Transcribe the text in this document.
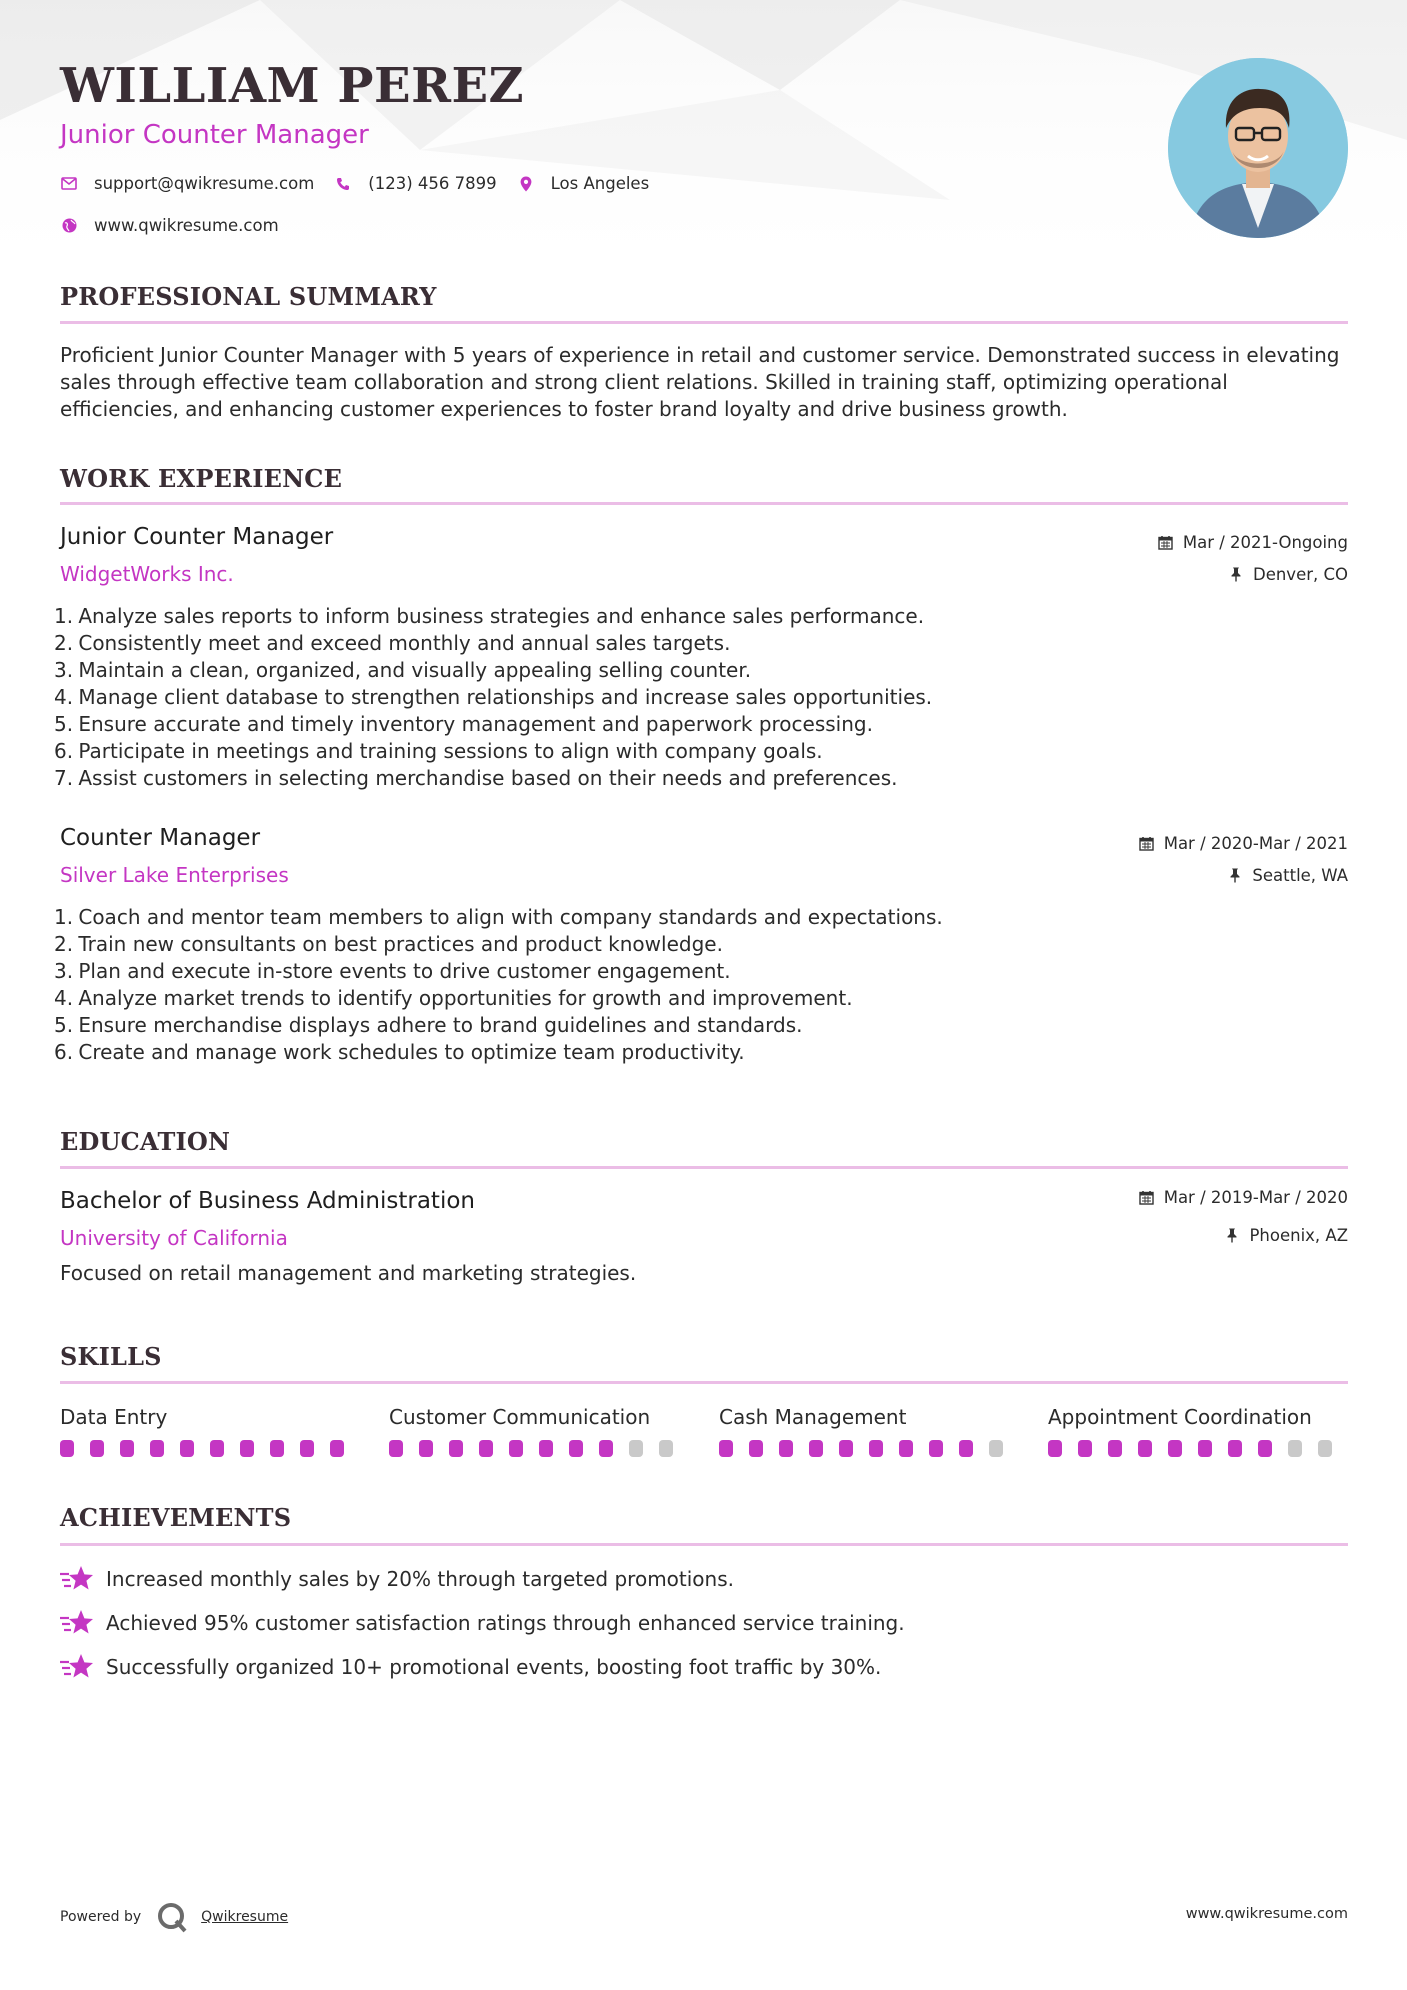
WILLIAM PEREZ
Junior Counter Manager
support@qwikresume.com	(123) 456 7899	Los Angeles
www.qwikresume.com
PROFESSIONAL SUMMARY

Proficient Junior Counter Manager with 5 years of experience in retail and customer service. Demonstrated success in elevating sales through effective team collaboration and strong client relations. Skilled in training staff, optimizing operational efficiencies, and enhancing customer experiences to foster brand loyalty and drive business growth.

WORK EXPERIENCE
Junior Counter Manager
WidgetWorks Inc.
Mar / 2021-Ongoing
Denver, CO
1. Analyze sales reports to inform business strategies and enhance sales performance.
2. Consistently meet and exceed monthly and annual sales targets.
3. Maintain a clean, organized, and visually appealing selling counter.
4. Manage client database to strengthen relationships and increase sales opportunities.
5. Ensure accurate and timely inventory management and paperwork processing.
6. Participate in meetings and training sessions to align with company goals.
7. Assist customers in selecting merchandise based on their needs and preferences.
Counter Manager
Silver Lake Enterprises
Mar / 2020-Mar / 2021
Seattle, WA
1. Coach and mentor team members to align with company standards and expectations.
2. Train new consultants on best practices and product knowledge.
3. Plan and execute in-store events to drive customer engagement.
4. Analyze market trends to identify opportunities for growth and improvement.
5. Ensure merchandise displays adhere to brand guidelines and standards.
6. Create and manage work schedules to optimize team productivity.
EDUCATION
Bachelor of Business Administration
University of California
Mar / 2019-Mar / 2020
Phoenix, AZ
Focused on retail management and marketing strategies.
SKILLS
Data Entry	Customer Communication	Cash Management	Appointment Coordination
ACHIEVEMENTS
Increased monthly sales by 20% through targeted promotions.
Achieved 95% customer satisfaction ratings through enhanced service training.
Successfully organized 10+ promotional events, boosting foot traffic by 30%.
Powered by	Qwikresume	www.qwikresume.com
